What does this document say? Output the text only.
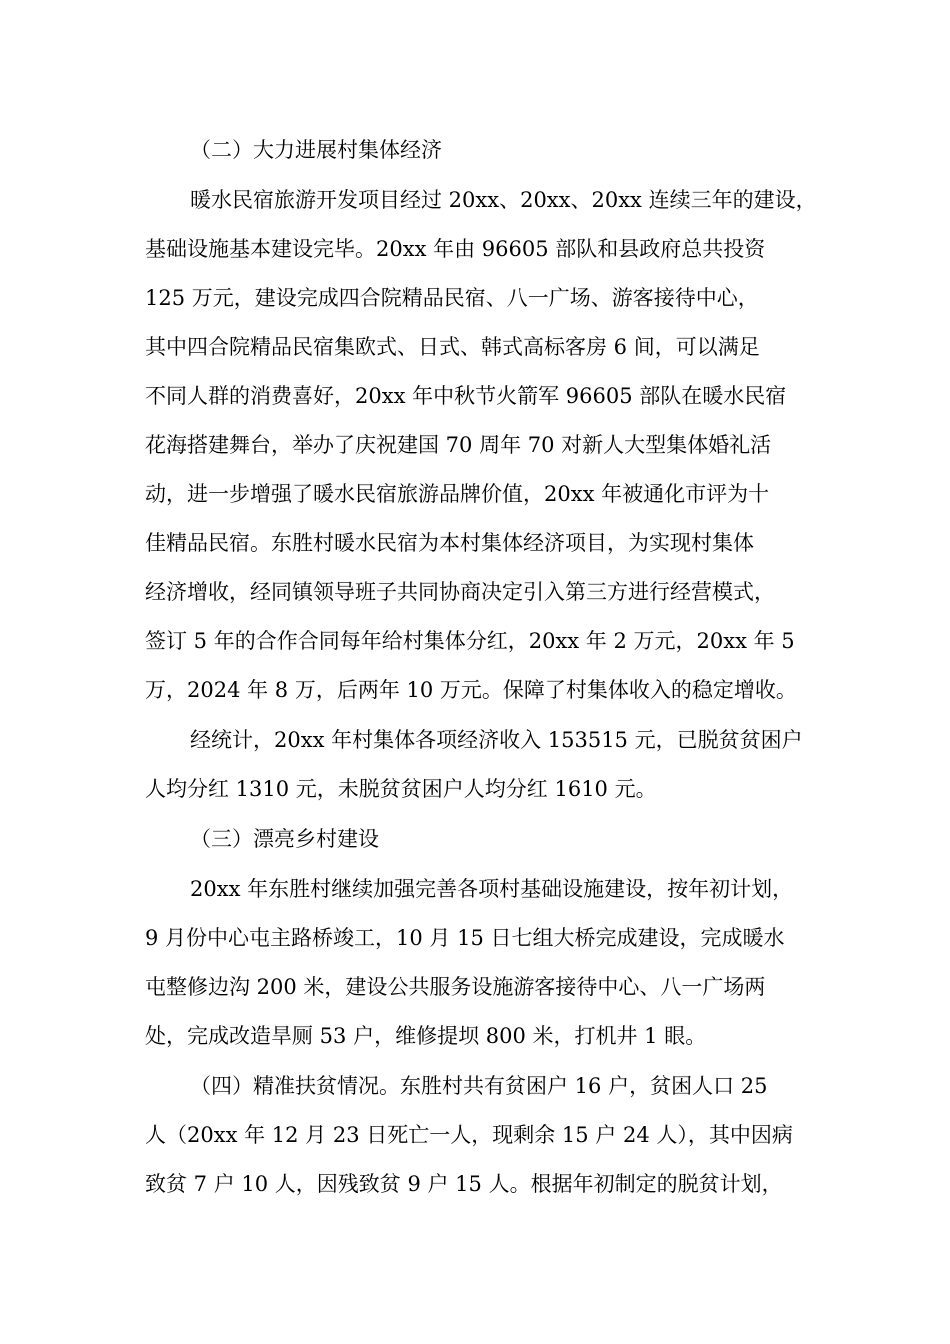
（二）大力进展村集体经济

暖水民宿旅游开发项目经过 20xx、20xx、20xx 连续三年的建设，

基础设施基本建设完毕。20xx 年由 96605 部队和县政府总共投资

125 万元，建设完成四合院精品民宿、八一广场、游客接待中心，

其中四合院精品民宿集欧式、日式、韩式高标客房 6 间，可以满足

不同人群的消费喜好，20xx 年中秋节火箭军 96605 部队在暖水民宿

花海搭建舞台，举办了庆祝建国 70 周年 70 对新人大型集体婚礼活

动，进一步增强了暖水民宿旅游品牌价值，20xx 年被通化市评为十

佳精品民宿。东胜村暖水民宿为本村集体经济项目，为实现村集体

经济增收，经同镇领导班子共同协商决定引入第三方进行经营模式，

签订 5 年的合作合同每年给村集体分红，20xx 年 2 万元，20xx 年 5

万，2024 年 8 万，后两年 10 万元。保障了村集体收入的稳定增收。

经统计，20xx 年村集体各项经济收入 153515 元，已脱贫贫困户

人均分红 1310 元，未脱贫贫困户人均分红 1610 元。

（三）漂亮乡村建设

20xx 年东胜村继续加强完善各项村基础设施建设，按年初计划，

9 月份中心屯主路桥竣工，10 月 15 日七组大桥完成建设，完成暖水

屯整修边沟 200 米，建设公共服务设施游客接待中心、八一广场两

处，完成改造旱厕 53 户，维修提坝 800 米，打机井 1 眼。

（四）精准扶贫情况。东胜村共有贫困户 16 户，贫困人口 25

人（20xx 年 12 月 23 日死亡一人，现剩余 15 户 24 人），其中因病

致贫 7 户 10 人，因残致贫 9 户 15 人。根据年初制定的脱贫计划，
